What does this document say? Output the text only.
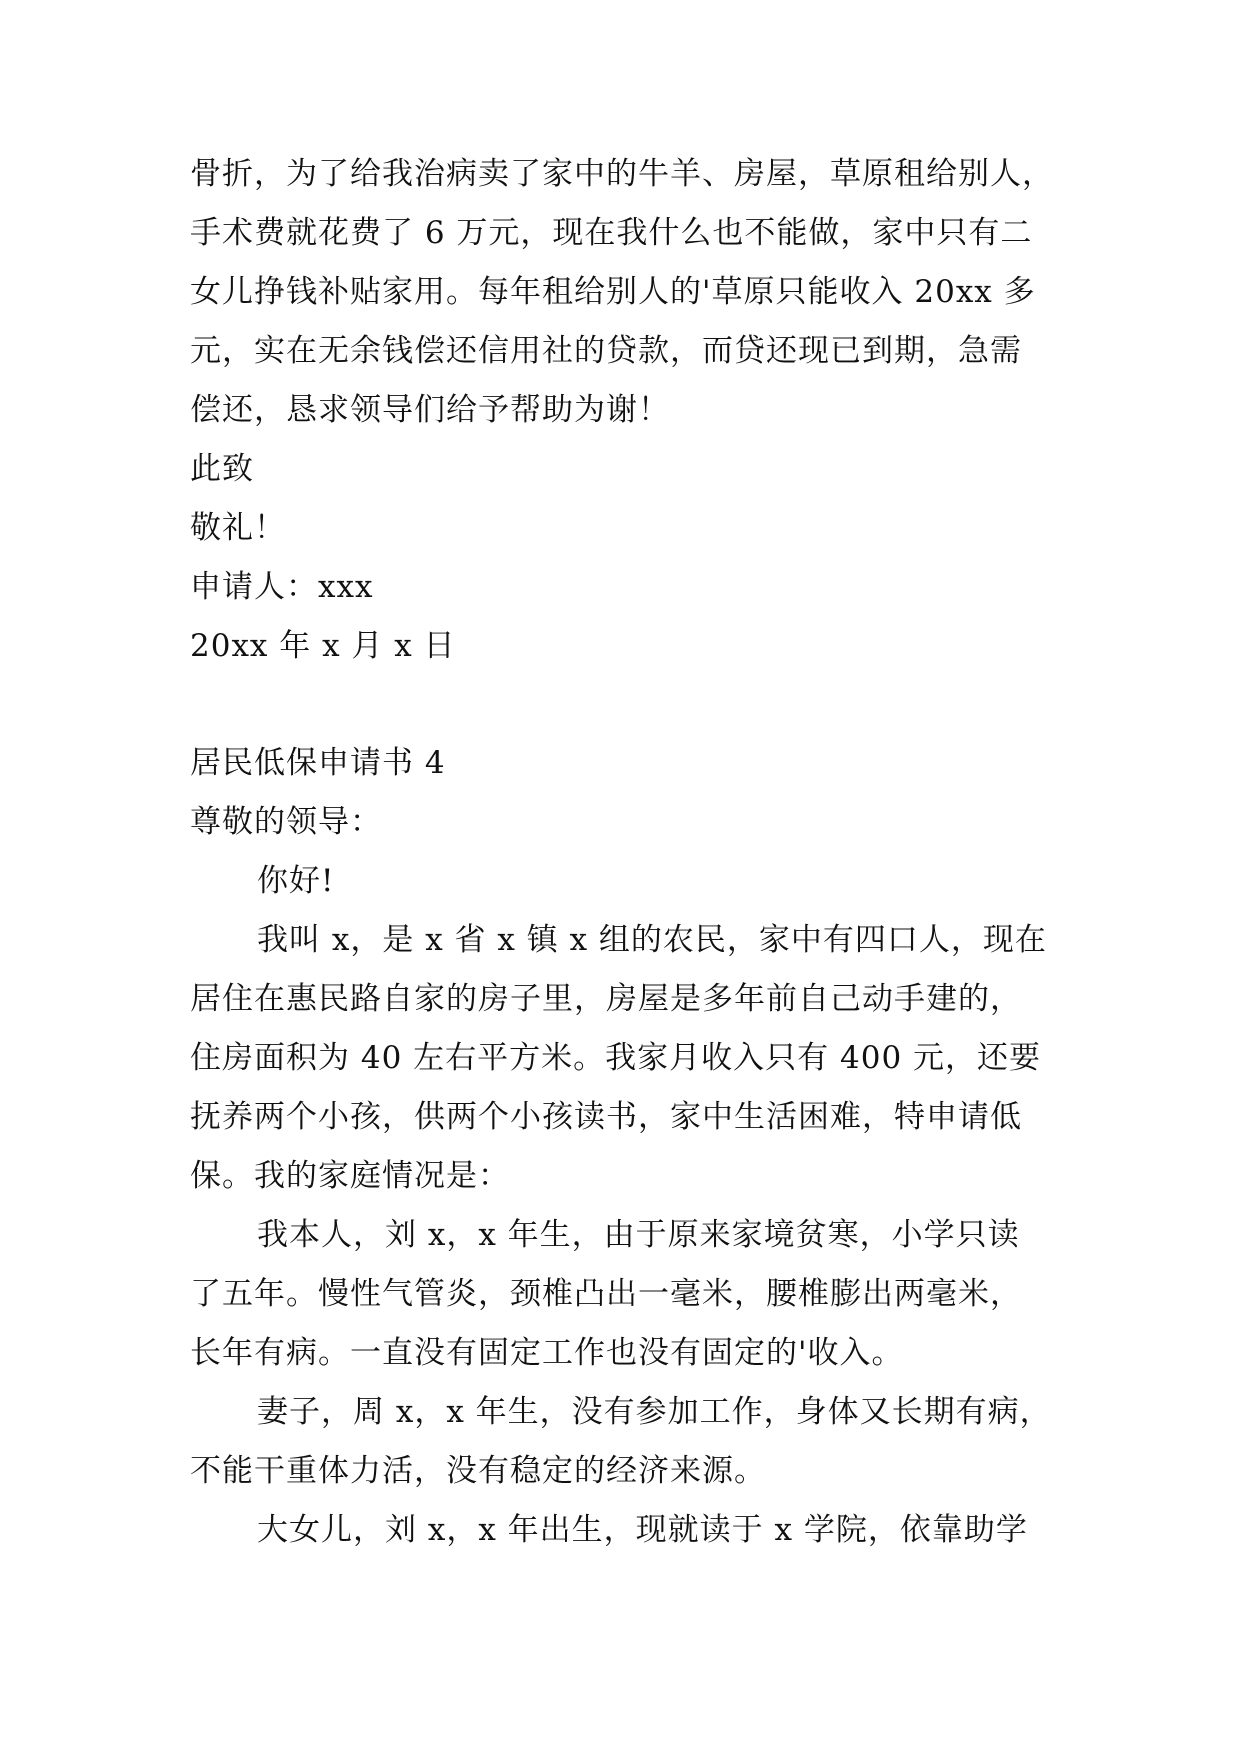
骨折，为了给我治病卖了家中的牛羊、房屋，草原租给别人，
手术费就花费了 6 万元，现在我什么也不能做，家中只有二
女儿挣钱补贴家用。每年租给别人的'草原只能收入 20xx 多
元，实在无余钱偿还信用社的贷款，而贷还现已到期，急需
偿还，恳求领导们给予帮助为谢！
此致
敬礼！
申请人：xxx
20xx 年 x 月 x 日
居民低保申请书 4
尊敬的领导：
你好!
我叫 x，是 x 省 x 镇 x 组的农民，家中有四口人，现在
居住在惠民路自家的房子里，房屋是多年前自己动手建的，
住房面积为 40 左右平方米。我家月收入只有 400 元，还要
抚养两个小孩，供两个小孩读书，家中生活困难，特申请低
保。我的家庭情况是：
我本人，刘 x，x 年生，由于原来家境贫寒，小学只读
了五年。慢性气管炎，颈椎凸出一毫米，腰椎膨出两毫米，
长年有病。一直没有固定工作也没有固定的'收入。
妻子，周 x，x 年生，没有参加工作，身体又长期有病，
不能干重体力活，没有稳定的经济来源。
大女儿，刘 x，x 年出生，现就读于 x 学院，依靠助学
